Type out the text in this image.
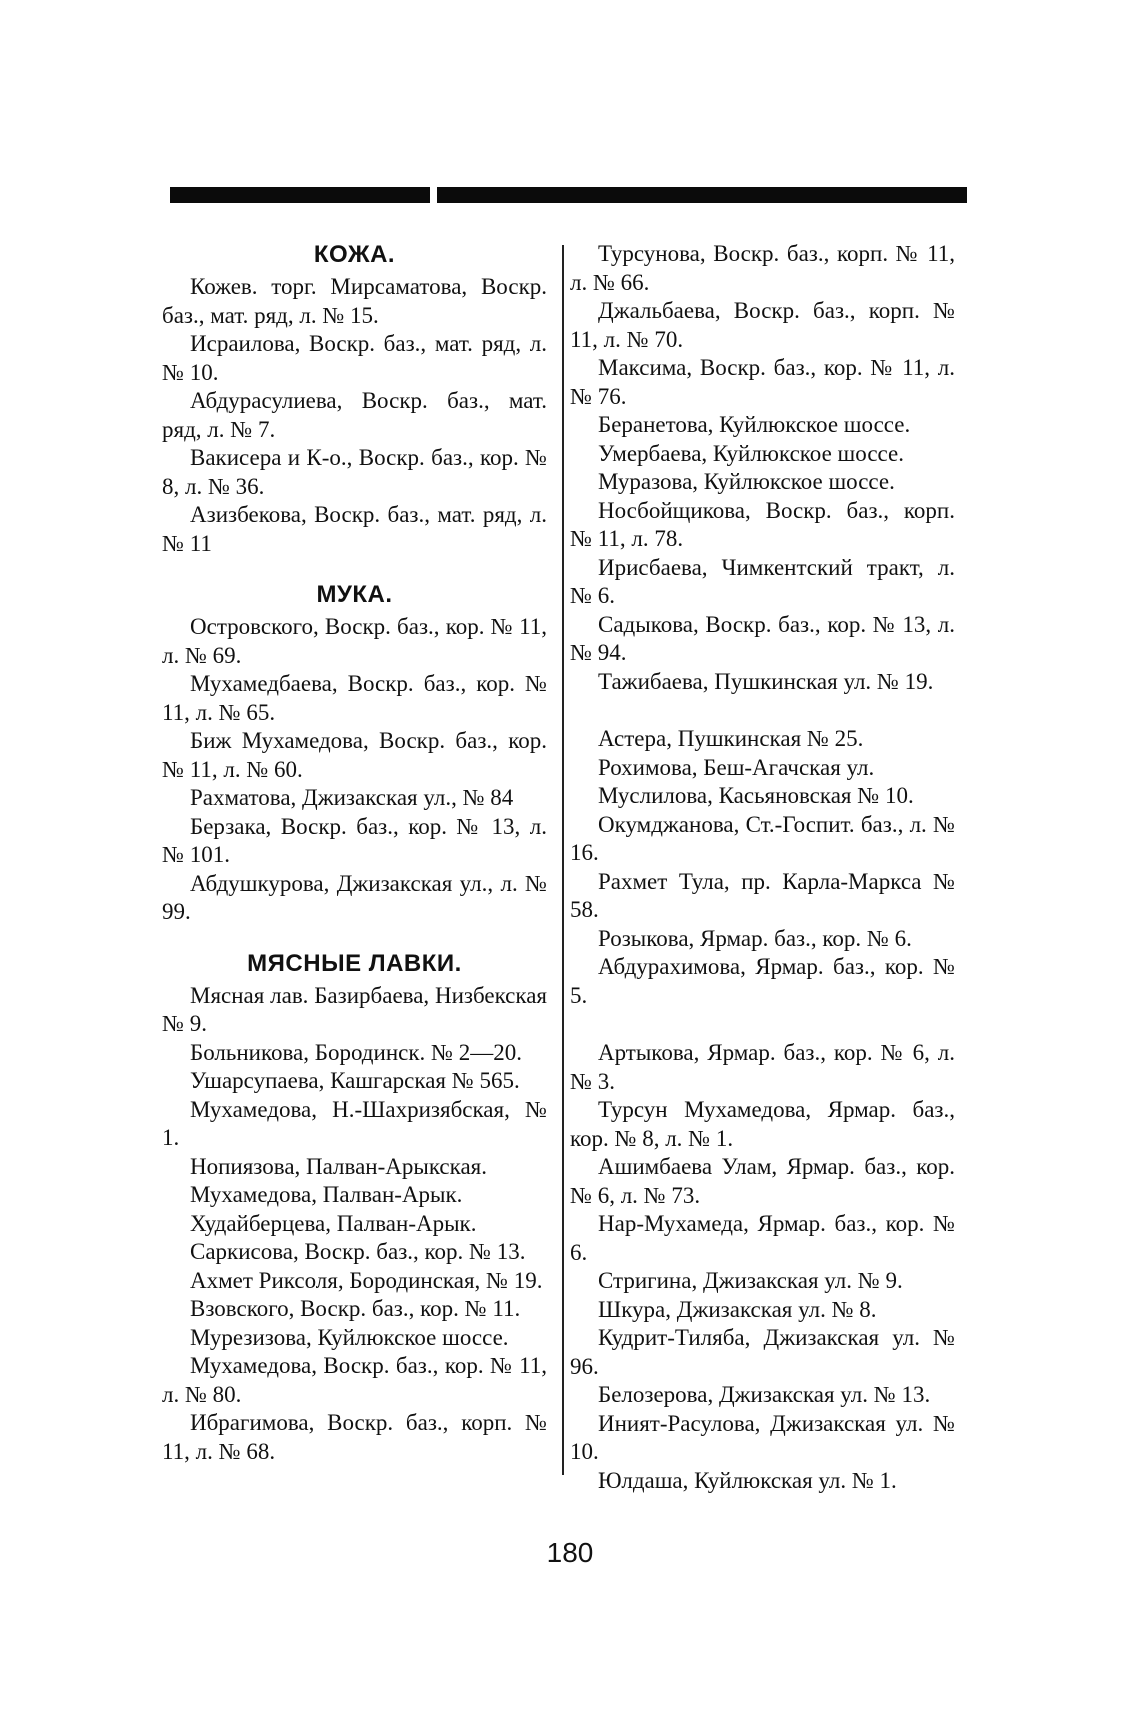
КОЖА.

Кожев. торг. Мирсаматова, Воскр. баз., мат. ряд, л. № 15.

Исраилова, Воскр. баз., мат. ряд, л. № 10.

Абдурасулиева, Воскр. баз., мат. ряд, л. № 7.

Вакисера и К-о., Воскр. баз., кор. № 8, л. № 36.

Азизбекова, Воскр. баз., мат. ряд, л. № 11

МУКА.

Островского, Воскр. баз., кор. № 11, л. № 69.

Мухамедбаева, Воскр. баз., кор. № 11, л. № 65.

Биж Мухамедова, Воскр. баз., кор. № 11, л. № 60.

Рахматова, Джизакская ул., № 84

Берзака, Воскр. баз., кор. № 13, л. № 101.

Абдушкурова, Джизакская ул., л. № 99.

МЯСНЫЕ ЛАВКИ.

Мясная лав. Базирбаева, Низбекская № 9.

Больникова, Бородинск. № 2—20.

Ушарсупаева, Кашгарская № 565.

Мухамедова, Н.-Шахризябская, № 1.

Нопиязова, Палван-Арыкская.

Мухамедова, Палван-Арык.

Худайберцева, Палван-Арык.

Саркисова, Воскр. баз., кор. № 13.

Ахмет Риксоля, Бородинская, № 19.

Взовского, Воскр. баз., кор. № 11.

Мурезизова, Куйлюкское шоссе.

Мухамедова, Воскр. баз., кор. № 11, л. № 80.

Ибрагимова, Воскр. баз., корп. № 11, л. № 68.

Турсунова, Воскр. баз., корп. № 11, л. № 66.

Джальбаева, Воскр. баз., корп. № 11, л. № 70.

Максима, Воскр. баз., кор. № 11, л. № 76.

Беранетова, Куйлюкское шоссе.

Умербаева, Куйлюкское шоссе.

Муразова, Куйлюкское шоссе.

Носбойщикова, Воскр. баз., корп. № 11, л. 78.

Ирисбаева, Чимкентский тракт, л. № 6.

Садыкова, Воскр. баз., кор. № 13, л. № 94.

Тажибаева, Пушкинская ул. № 19.

Астера, Пушкинская № 25.

Рохимова, Беш-Агачская ул.

Муслилова, Касьяновская № 10.

Окумджанова, Ст.-Госпит. баз., л. № 16.

Рахмет Тула, пр. Карла-Маркса № 58.

Розыкова, Ярмар. баз., кор. № 6.

Абдурахимова, Ярмар. баз., кор. № 5.

Артыкова, Ярмар. баз., кор. № 6, л. № 3.

Турсун Мухамедова, Ярмар. баз., кор. № 8, л. № 1.

Ашимбаева Улам, Ярмар. баз., кор. № 6, л. № 73.

Нар-Мухамеда, Ярмар. баз., кор. № 6.

Стригина, Джизакская ул. № 9.

Шкура, Джизакская ул. № 8.

Кудрит-Тиляба, Джизакская ул. № 96.

Белозерова, Джизакская ул. № 13.

Иният-Расулова, Джизакская ул. № 10.

Юлдаша, Куйлюкская ул. № 1.

180
